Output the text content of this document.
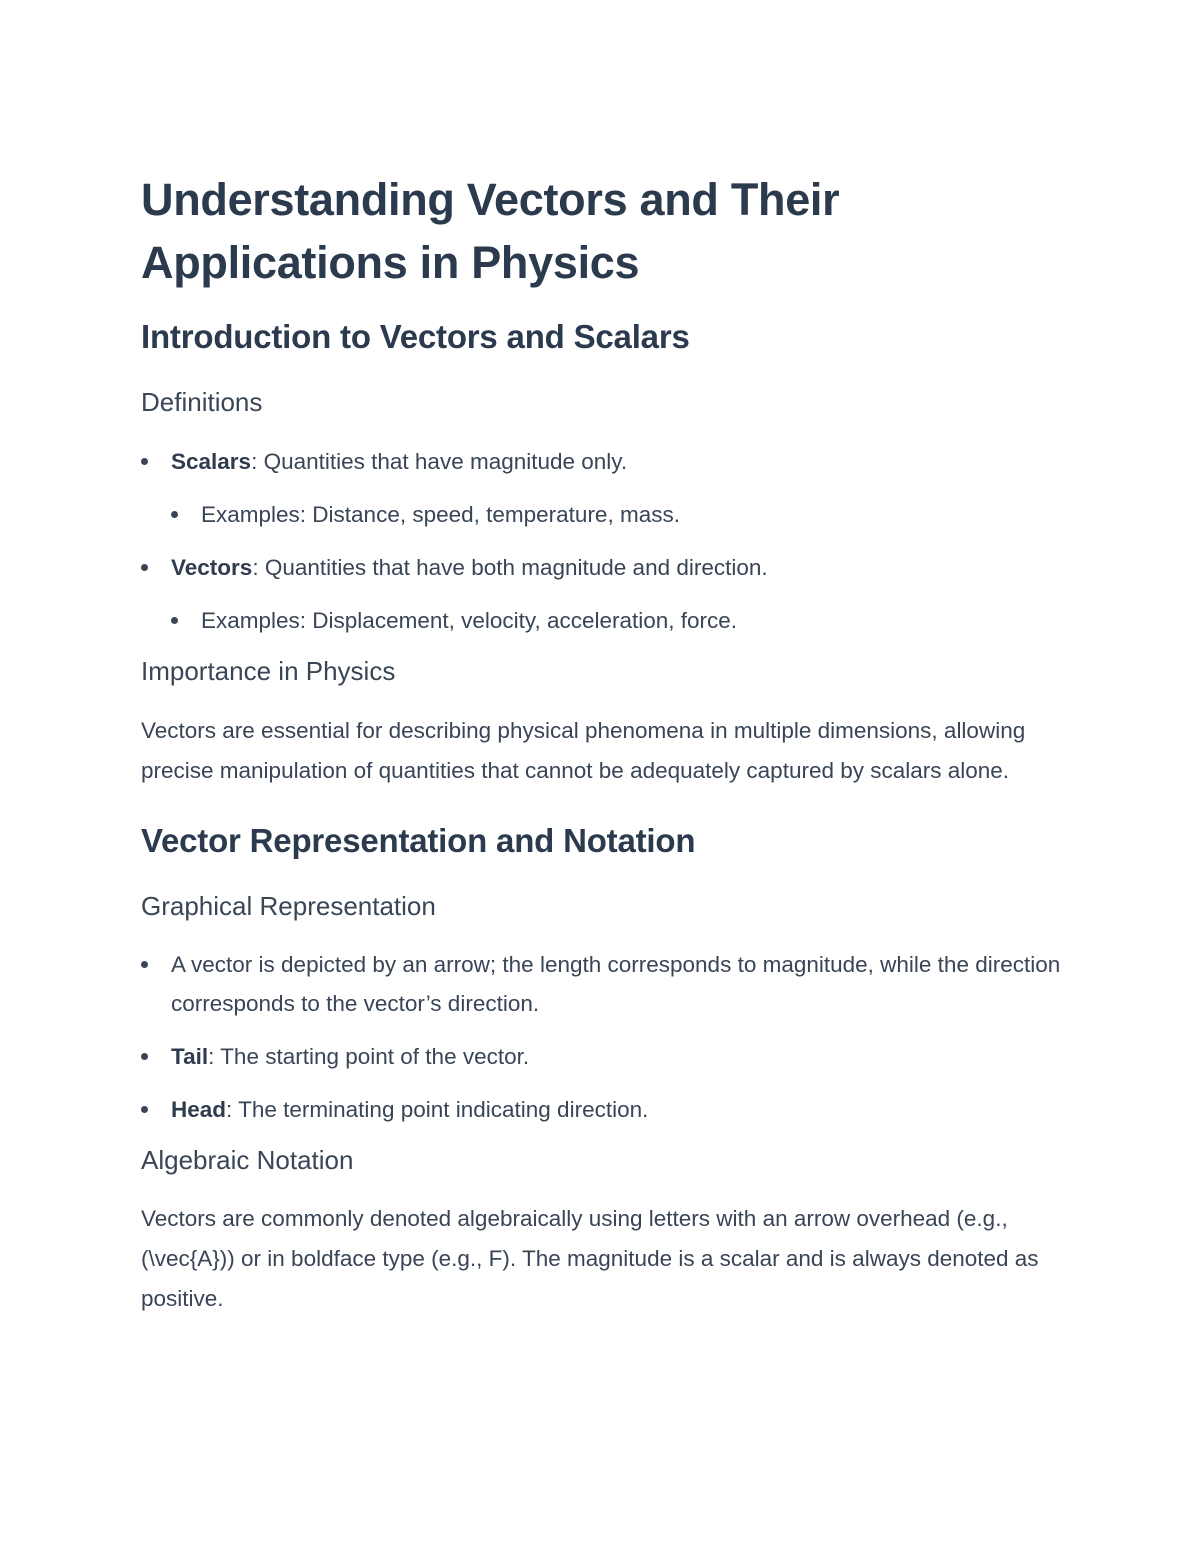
Understanding Vectors and Their Applications in Physics
Introduction to Vectors and Scalars
Definitions
Scalars: Quantities that have magnitude only.
Examples: Distance, speed, temperature, mass.
Vectors: Quantities that have both magnitude and direction.
Examples: Displacement, velocity, acceleration, force.
Importance in Physics

Vectors are essential for describing physical phenomena in multiple dimensions, allowing precise manipulation of quantities that cannot be adequately captured by scalars alone.

Vector Representation and Notation
Graphical Representation
A vector is depicted by an arrow; the length corresponds to magnitude, while the direction corresponds to the vector’s direction.
Tail: The starting point of the vector.
Head: The terminating point indicating direction.
Algebraic Notation

Vectors are commonly denoted algebraically using letters with an arrow overhead (e.g., (\vec{A})) or in boldface type (e.g., F). The magnitude is a scalar and is always denoted as positive.
